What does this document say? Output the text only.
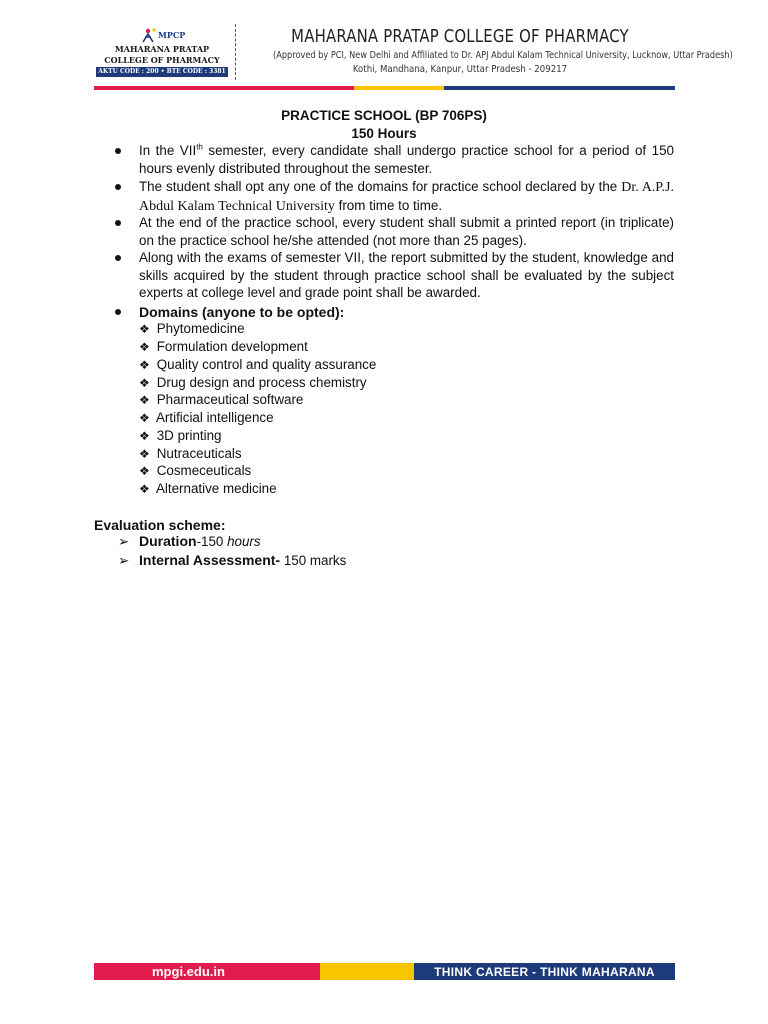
MPCP
MAHARANA PRATAP
COLLEGE OF PHARMACY
AKTU CODE : 200 • BTE CODE : 3381
MAHARANA PRATAP COLLEGE OF PHARMACY
(Approved by PCI, New Delhi and Affiliated to Dr. APJ Abdul Kalam Technical University, Lucknow, Uttar Pradesh)
Kothi, Mandhana, Kanpur, Uttar Pradesh - 209217
PRACTICE SCHOOL (BP 706PS)
150 Hours
In the VIIth semester, every candidate shall undergo practice school for a period of 150 hours evenly distributed throughout the semester.
The student shall opt any one of the domains for practice school declared by the Dr. A.P.J. Abdul Kalam Technical University from time to time.
At the end of the practice school, every student shall submit a printed report (in triplicate) on the practice school he/she attended (not more than 25 pages).
Along with the exams of semester VII, the report submitted by the student, knowledge and skills acquired by the student through practice school shall be evaluated by the subject experts at college level and grade point shall be awarded.
Domains (anyone to be opted):
❖ Phytomedicine
❖ Formulation development
❖ Quality control and quality assurance
❖ Drug design and process chemistry
❖ Pharmaceutical software
❖ Artificial intelligence
❖ 3D printing
❖ Nutraceuticals
❖ Cosmeceuticals
❖ Alternative medicine
Evaluation scheme:
➢ Duration-150 hours
➢ Internal Assessment- 150 marks
mpgi.edu.in	THINK CAREER - THINK MAHARANA
